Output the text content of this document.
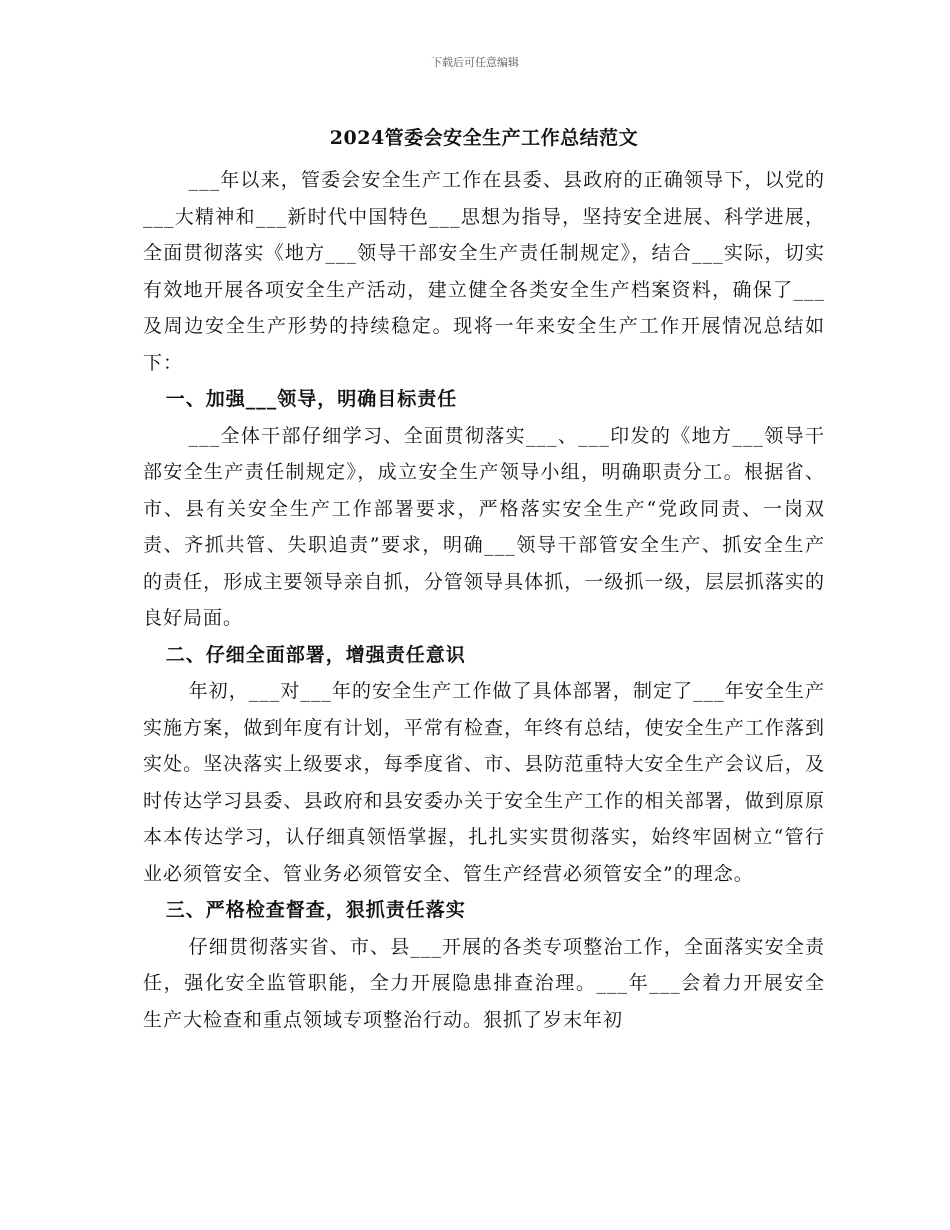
下载后可任意编辑
2024管委会安全生产工作总结范文

___年以来，管委会安全生产工作在县委、县政府的正确领导下，以党的___大精神和___新时代中国特色___思想为指导，坚持安全进展、科学进展，全面贯彻落实《地方___领导干部安全生产责任制规定》，结合___实际，切实有效地开展各项安全生产活动，建立健全各类安全生产档案资料，确保了___及周边安全生产形势的持续稳定。现将一年来安全生产工作开展情况总结如下：

一、加强___领导，明确目标责任

___全体干部仔细学习、全面贯彻落实___、___印发的《地方___领导干部安全生产责任制规定》，成立安全生产领导小组，明确职责分工。根据省、市、县有关安全生产工作部署要求，严格落实安全生产“党政同责、一岗双责、齐抓共管、失职追责”要求，明确___领导干部管安全生产、抓安全生产的责任，形成主要领导亲自抓，分管领导具体抓，一级抓一级，层层抓落实的良好局面。

二、仔细全面部署，增强责任意识

年初，___对___年的安全生产工作做了具体部署，制定了___年安全生产实施方案，做到年度有计划，平常有检查，年终有总结，使安全生产工作落到实处。坚决落实上级要求，每季度省、市、县防范重特大安全生产会议后，及时传达学习县委、县政府和县安委办关于安全生产工作的相关部署，做到原原本本传达学习，认仔细真领悟掌握，扎扎实实贯彻落实，始终牢固树立“管行业必须管安全、管业务必须管安全、管生产经营必须管安全”的理念。

三、严格检查督查，狠抓责任落实

仔细贯彻落实省、市、县___开展的各类专项整治工作，全面落实安全责任，强化安全监管职能，全力开展隐患排查治理。___年___会着力开展安全生产大检查和重点领域专项整治行动。狠抓了岁末年初
